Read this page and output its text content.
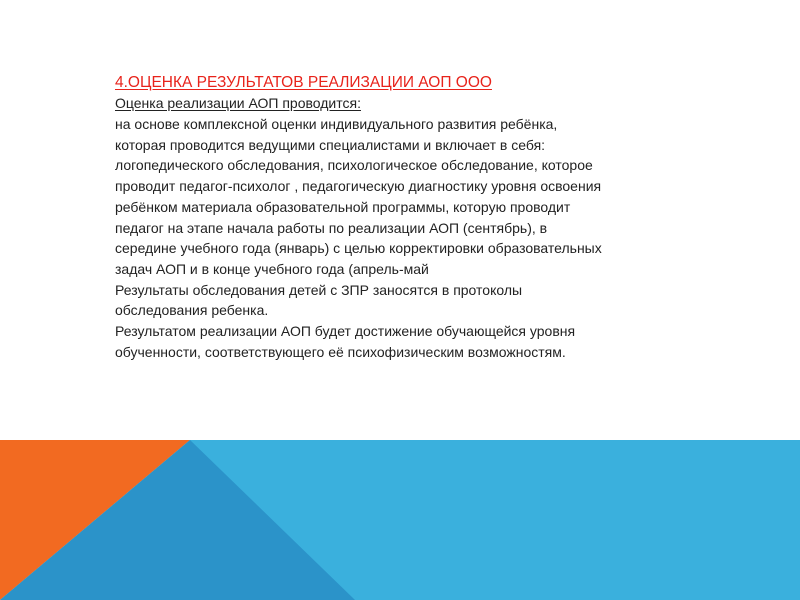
4.ОЦЕНКА РЕЗУЛЬТАТОВ РЕАЛИЗАЦИИ АОП ООО

Оценка реализации АОП проводится:

на основе комплексной оценки индивидуального развития ребёнка,

которая проводится ведущими специалистами и включает в себя:

логопедического обследования, психологическое обследование, которое

проводит педагог-психолог , педагогическую диагностику уровня освоения

ребёнком материала образовательной программы, которую проводит

педагог на этапе начала работы по реализации АОП (сентябрь), в

середине учебного года (январь) с целью корректировки образовательных

задач АОП и в конце учебного года (апрель-май

Результаты обследования детей с ЗПР заносятся в протоколы

обследования ребенка.

Результатом реализации АОП будет достижение обучающейся уровня

обученности, соответствующего её психофизическим возможностям.
